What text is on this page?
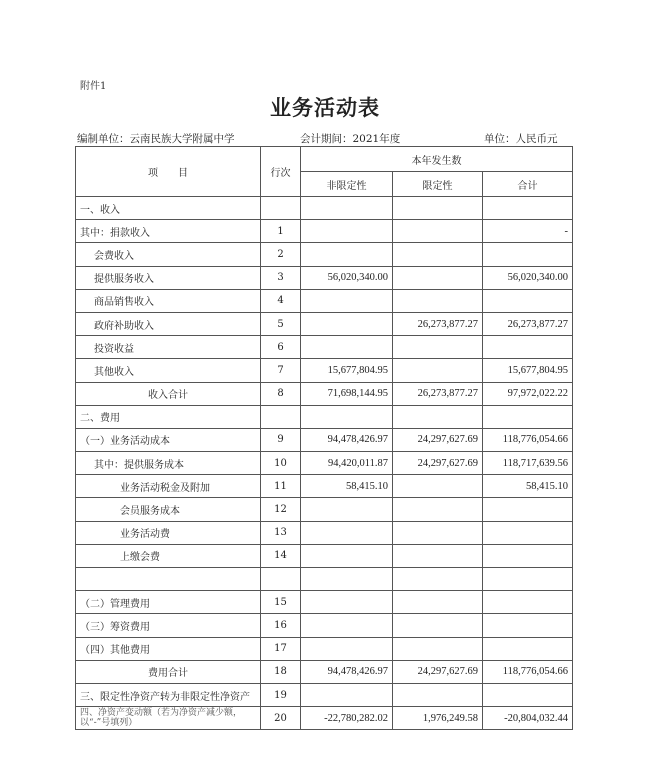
附件1
业务活动表
编制单位：云南民族大学附属中学	会计期间：2021年度	单位：人民币元
项　　目	行次	本年发生数		
		非限定性	限定性	合计
一、收入				
其中：捐款收入	1			-
会费收入	2			
提供服务收入	3	56,020,340.00		56,020,340.00
商品销售收入	4			
政府补助收入	5		26,273,877.27	26,273,877.27
投资收益	6			
其他收入	7	15,677,804.95		15,677,804.95
收入合计	8	71,698,144.95	26,273,877.27	97,972,022.22
二、费用				
（一）业务活动成本	9	94,478,426.97	24,297,627.69	118,776,054.66
其中：提供服务成本	10	94,420,011.87	24,297,627.69	118,717,639.56
业务活动税金及附加	11	58,415.10		58,415.10
会员服务成本	12			
业务活动费	13			
上缴会费	14			

（二）管理费用	15			
（三）筹资费用	16			
（四）其他费用	17			
费用合计	18	94,478,426.97	24,297,627.69	118,776,054.66
三、限定性净资产转为非限定性净资产	19			
四、净资产变动额（若为净资产减少额，以“-”号填列）	20	-22,780,282.02	1,976,249.58	-20,804,032.44
